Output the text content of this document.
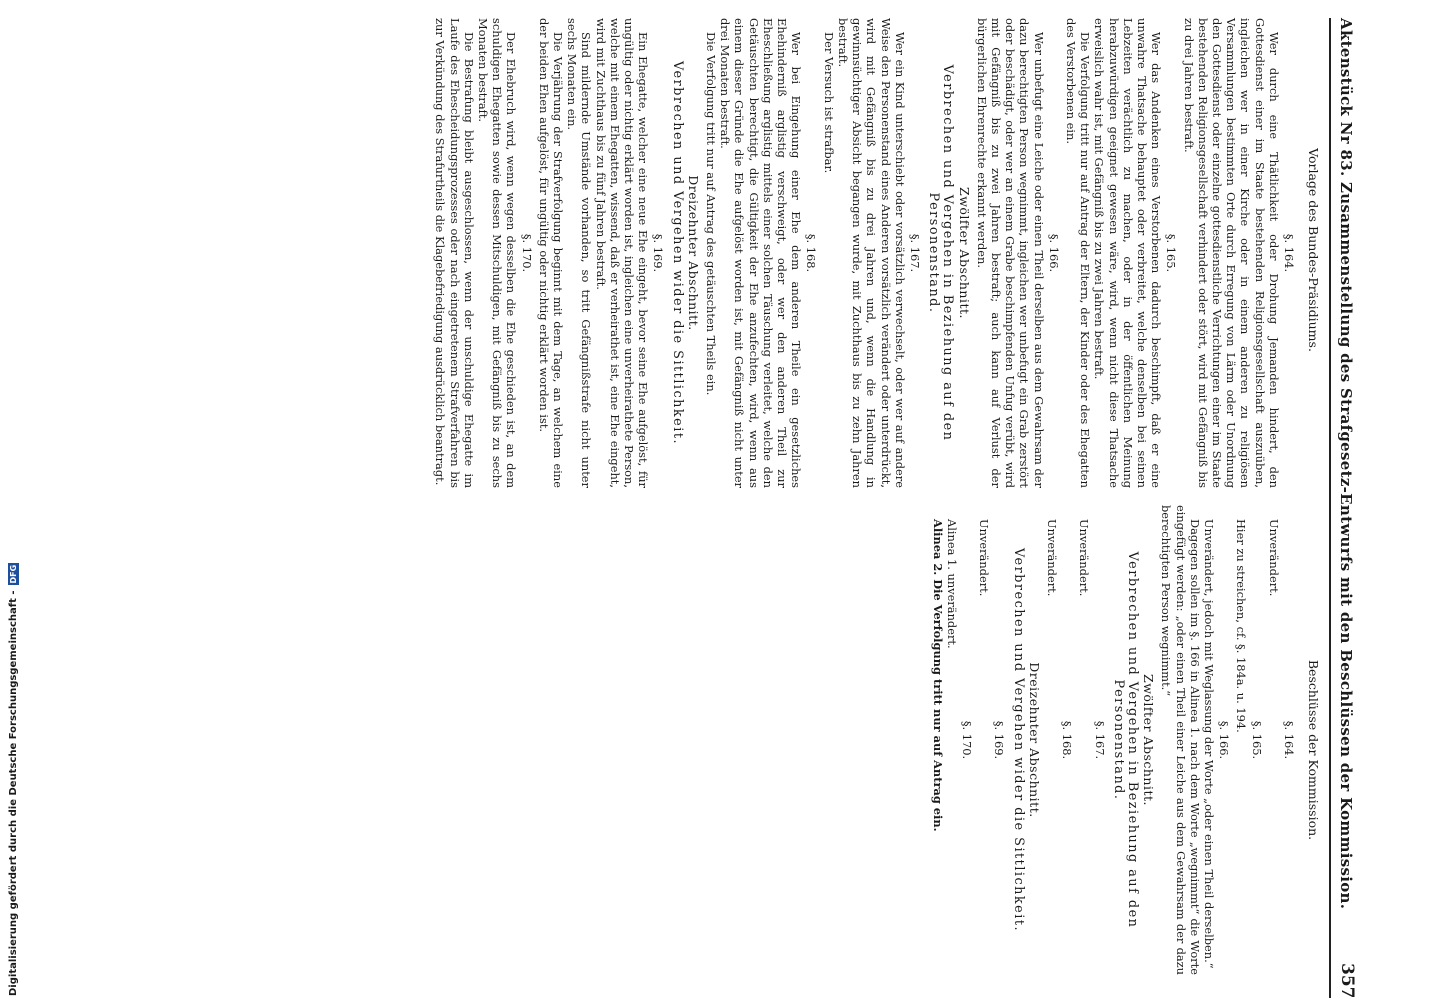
Aktenstück Nr 83. Zusammenstellung des Strafgesetz-Entwurfs mit den Beschlüssen der Kommission.
357
Vorlage des Bundes-Präsidiums.
Beschlüsse der Kommission.

§. 164.

Wer durch eine Thätlichkeit oder Drohung Jemanden hindert, den Gottesdienst einer im Staate bestehenden Religionsgesellschaft auszuüben, ingleichen wer in einer Kirche oder in einem anderen zu religiösen Versammlungen bestimmten Orte durch Erregung von Lärm oder Unordnung den Gottesdienst oder einzelne gottesdienstliche Verrichtungen einer im Staate bestehenden Religionsgesellschaft verhindert oder stört, wird mit Gefängniß bis zu drei Jahren bestraft.

§. 165.

Wer das Andenken eines Verstorbenen dadurch beschimpft, daß er eine unwahre Thatsache behauptet oder verbreitet, welche denselben bei seinen Lebzeiten verächtlich zu machen, oder in der öffentlichen Meinung herabzuwürdigen geeignet gewesen wäre, wird, wenn nicht diese Thatsache erweislich wahr ist, mit Gefängniß bis zu zwei Jahren bestraft.

Die Verfolgung tritt nur auf Antrag der Eltern, der Kinder oder des Ehegatten des Verstorbenen ein.

§. 166.

Wer unbefugt eine Leiche oder einen Theil derselben aus dem Gewahrsam der dazu berechtigten Person wegnimmt, ingleichen wer unbefugt ein Grab zerstört oder beschädigt, oder wer an einem Grabe beschimpfenden Unfug verübt, wird mit Gefängniß bis zu zwei Jahren bestraft; auch kann auf Verlust der bürgerlichen Ehrenrechte erkannt werden.

Zwölfter Abschnitt.

Verbrechen und Vergehen in Beziehung auf den Personenstand.

§. 167.

Wer ein Kind unterschiebt oder vorsätzlich verwechselt, oder wer auf andere Weise den Personenstand eines Anderen vorsätzlich verändert oder unterdrückt, wird mit Gefängniß bis zu drei Jahren und, wenn die Handlung in gewinnsüchtiger Absicht begangen wurde, mit Zuchthaus bis zu zehn Jahren bestraft.

Der Versuch ist strafbar.

§. 168.

Wer bei Eingehung einer Ehe dem anderen Theile ein gesetzliches Ehehinderniß arglistig verschweigt, oder wer den anderen Theil zur Eheschließung arglistig mittels einer solchen Täuschung verleitet, welche den Getäuschten berechtigt, die Gültigkeit der Ehe anzufechten, wird, wenn aus einem dieser Gründe die Ehe aufgelöst worden ist, mit Gefängniß nicht unter drei Monaten bestraft.

Die Verfolgung tritt nur auf Antrag des getäuschten Theils ein.

Dreizehnter Abschnitt.

Verbrechen und Vergehen wider die Sittlichkeit.

§. 169.

Ein Ehegatte, welcher eine neue Ehe eingeht, bevor seine Ehe aufgelöst, für ungültig oder nichtig erklärt worden ist, ingleichen eine unverheirathete Person, welche mit einem Ehegatten, wissend, daß er verheirathet ist, eine Ehe eingeht, wird mit Zuchthaus bis zu fünf Jahren bestraft.

Sind mildernde Umstände vorhanden, so tritt Gefängnißstrafe nicht unter sechs Monaten ein.

Die Verjährung der Strafverfolgung beginnt mit dem Tage, an welchem eine der beiden Ehen aufgelöst, für ungültig oder nichtig erklärt worden ist.

§. 170.

Der Ehebruch wird, wenn wegen desselben die Ehe geschieden ist, an dem schuldigen Ehegatten sowie dessen Mitschuldigen, mit Gefängniß bis zu sechs Monaten bestraft.

Die Bestrafung bleibt ausgeschlossen, wenn der unschuldige Ehegatte im Laufe des Ehescheidungsprozesses oder nach eingetretenem Strafverfahren bis zur Verkündung des Strafurtheils die Klagebefriedigung ausdrücklich beantragt.

§. 164.

Unverändert.

§. 165.

Hier zu streichen, cf. §. 184a. u. 194.

§. 166.

Unverändert, jedoch mit Weglassung der Worte „oder einen Theil derselben.“

Dagegen sollen im §. 166 in Alinea 1. nach dem Worte „wegnimmt“ die Worte eingefügt werden: „oder einen Theil einer Leiche aus dem Gewahrsam der dazu berechtigten Person wegnimmt.“

Zwölfter Abschnitt.

Verbrechen und Vergehen in Beziehung auf den Personenstand.

§. 167.

Unverändert.

§. 168.

Unverändert.

Dreizehnter Abschnitt.

Verbrechen und Vergehen wider die Sittlichkeit.

§. 169.

Unverändert.

§. 170.

Alinea 1. unverändert.

Alinea 2. Die Verfolgung tritt nur auf Antrag ein.

Digitalisierung gefördert durch die Deutsche Forschungsgemeinschaft -
DFG
